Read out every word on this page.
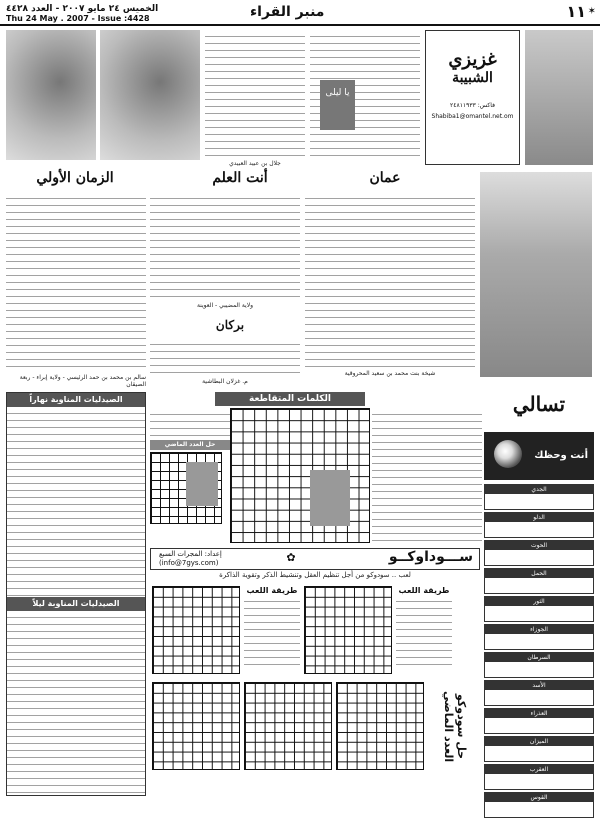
الخميس ٢٤ مايو ٢٠٠٧ - العدد ٤٤٢٨
Thu 24 May . 2007 - Issue :4428	منبر القراء	١١ ✶
جلال بن عبيد العبيدي
يا ليلى
غزيزي
الشبيبة
فاكس: ٢٤٨١١٩٣٣
Shabiba1@omantel.net.om
الزمان الأولي
سالم بن محمد بن حمد الرئيسي - ولاية إبراء - ربعة الصيقان
أنت العلم
ولاية المضيبي - العوينة
بركان
م. غزلان البطاشية
عمان
شيخة بنت محمد بن سعيد المحروقية
الصيدليات المناوبة نهاراً
الصيدليات المناوبة ليلاً
الكلمات المتقاطعة
حل العدد الماضي
ســـوداوكــو
إعداد: المجرات السبع
(info@7gys.com)	✿
لعب .. سودوكو من أجل تنظيم العقل وتنشيط الذكر وتقوية الذاكرة
طريقة اللعب	طريقة اللعب
حل سودوكو العدد الماضي
تسالي
أنت وحظك
الجدي
الدلو
الحوت
الحمل
الثور
الجوزاء
السرطان
الأسد
العذراء
الميزان
العقرب
القوس
